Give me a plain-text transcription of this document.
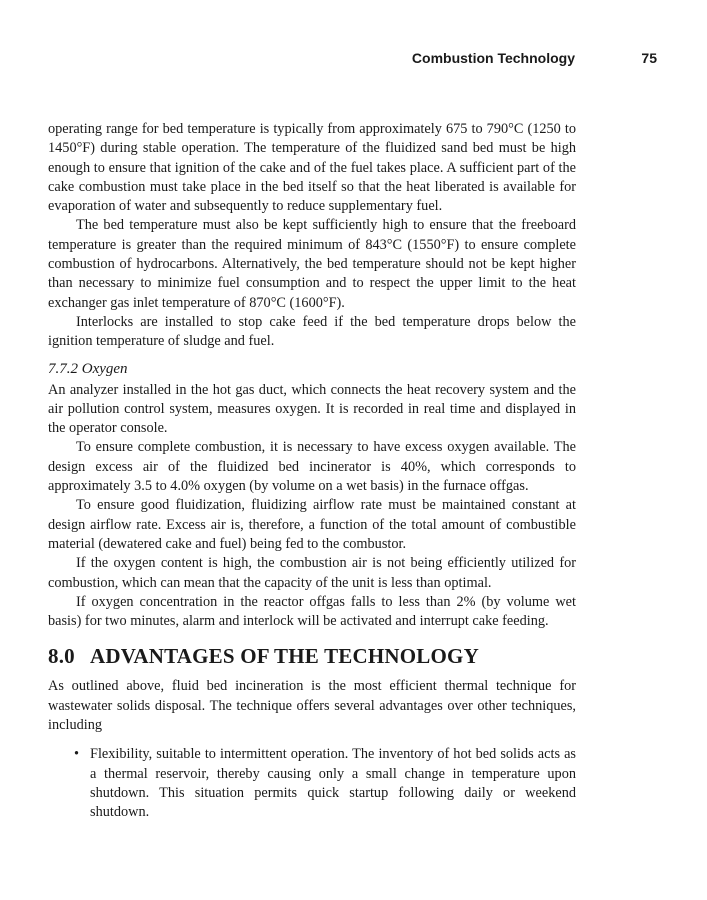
Combustion Technology	75

operating range for bed temperature is typically from approximately 675 to 790°C (1250 to 1450°F) during stable operation. The temperature of the fluidized sand bed must be high enough to ensure that ignition of the cake and of the fuel takes place. A sufficient part of the cake combustion must take place in the bed itself so that the heat liberated is available for evaporation of water and subsequently to reduce supplementary fuel.

The bed temperature must also be kept sufficiently high to ensure that the freeboard temperature is greater than the required minimum of 843°C (1550°F) to ensure complete combustion of hydrocarbons. Alternatively, the bed temperature should not be kept higher than necessary to minimize fuel consumption and to respect the upper limit to the heat exchanger gas inlet temperature of 870°C (1600°F).

Interlocks are installed to stop cake feed if the bed temperature drops below the ignition temperature of sludge and fuel.

7.7.2 Oxygen

An analyzer installed in the hot gas duct, which connects the heat recovery system and the air pollution control system, measures oxygen. It is recorded in real time and displayed in the operator console.

To ensure complete combustion, it is necessary to have excess oxygen available. The design excess air of the fluidized bed incinerator is 40%, which corresponds to approximately 3.5 to 4.0% oxygen (by volume on a wet basis) in the furnace offgas.

To ensure good fluidization, fluidizing airflow rate must be maintained constant at design airflow rate. Excess air is, therefore, a function of the total amount of combustible material (dewatered cake and fuel) being fed to the combustor.

If the oxygen content is high, the combustion air is not being efficiently utilized for combustion, which can mean that the capacity of the unit is less than optimal.

If oxygen concentration in the reactor offgas falls to less than 2% (by volume wet basis) for two minutes, alarm and interlock will be activated and interrupt cake feeding.

8.0 ADVANTAGES OF THE TECHNOLOGY

As outlined above, fluid bed incineration is the most efficient thermal technique for wastewater solids disposal. The technique offers several advantages over other techniques, including

• Flexibility, suitable to intermittent operation. The inventory of hot bed solids acts as a thermal reservoir, thereby causing only a small change in temperature upon shutdown. This situation permits quick startup following daily or weekend shutdown.
